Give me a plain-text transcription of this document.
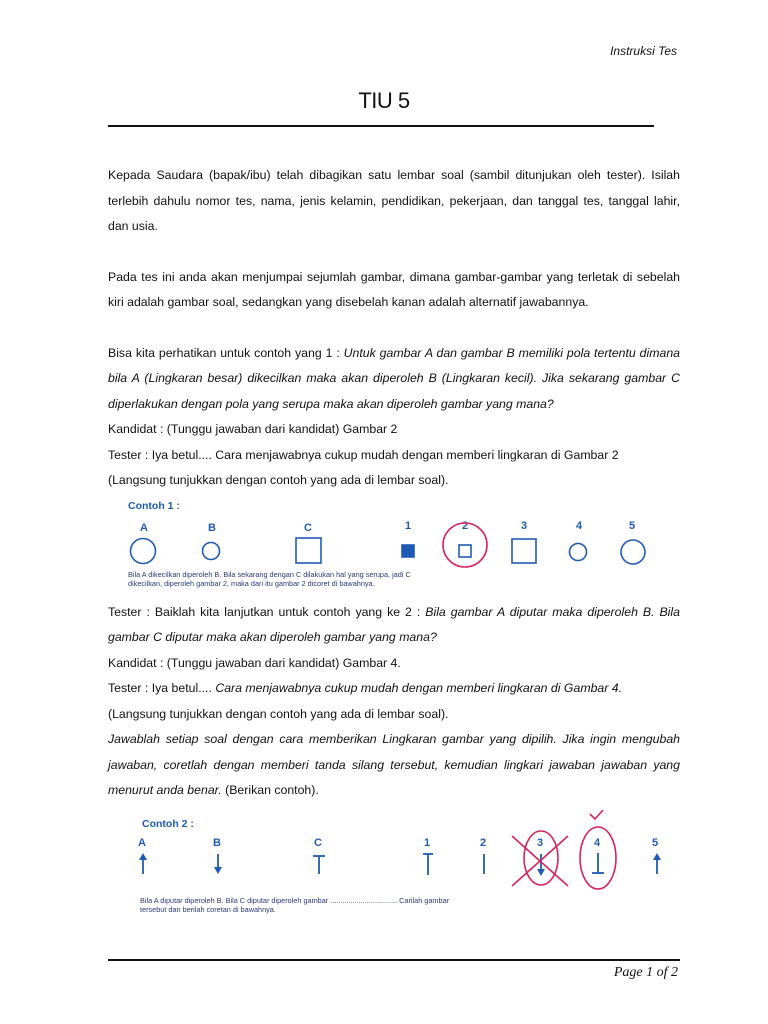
Instruksi Tes
TIU 5

Kepada Saudara (bapak/ibu) telah dibagikan satu lembar soal (sambil ditunjukan oleh tester). Isilah terlebih dahulu nomor tes, nama, jenis kelamin, pendidikan, pekerjaan, dan tanggal tes, tanggal lahir, dan usia.

Pada tes ini anda akan menjumpai sejumlah gambar, dimana gambar-gambar yang terletak di sebelah kiri adalah gambar soal, sedangkan yang disebelah kanan adalah alternatif jawabannya.

Bisa kita perhatikan untuk contoh yang 1 : Untuk gambar A dan gambar B memiliki pola tertentu dimana bila A (Lingkaran besar) dikecilkan maka akan diperoleh B (Lingkaran kecil). Jika sekarang gambar C diperlakukan dengan pola yang serupa maka akan diperoleh gambar yang mana?

Kandidat : (Tunggu jawaban dari kandidat) Gambar 2

Tester : Iya betul.... Cara menjawabnya cukup mudah dengan memberi lingkaran di Gambar 2

(Langsung tunjukkan dengan contoh yang ada di lembar soal).

Contoh 1 :
A	B	C	1	2	3	4	5
Bila A dikecilkan diperoleh B. Bila sekarang dengan C dilakukan hal yang serupa, jadi C
dikecilkan, diperoleh gambar 2, maka dari itu gambar 2 dicoret di bawahnya.

Tester : Baiklah kita lanjutkan untuk contoh yang ke 2 : Bila gambar A diputar maka diperoleh B. Bila gambar C diputar maka akan diperoleh gambar yang mana?

Kandidat : (Tunggu jawaban dari kandidat) Gambar 4.

Tester : Iya betul.... Cara menjawabnya cukup mudah dengan memberi lingkaran di Gambar 4.

(Langsung tunjukkan dengan contoh yang ada di lembar soal).

Jawablah setiap soal dengan cara memberikan Lingkaran gambar yang dipilih. Jika ingin mengubah jawaban, coretlah dengan memberi tanda silang tersebut, kemudian lingkari jawaban jawaban yang menurut anda benar. (Berikan contoh).

Contoh 2 :
A	B	C	1	2	3	4	5
Bila A diputar diperoleh B. Bila C diputar diperoleh gambar ................................. Carilah gambar
tersebut dan berilah coretan di bawahnya.
Page 1 of 2
